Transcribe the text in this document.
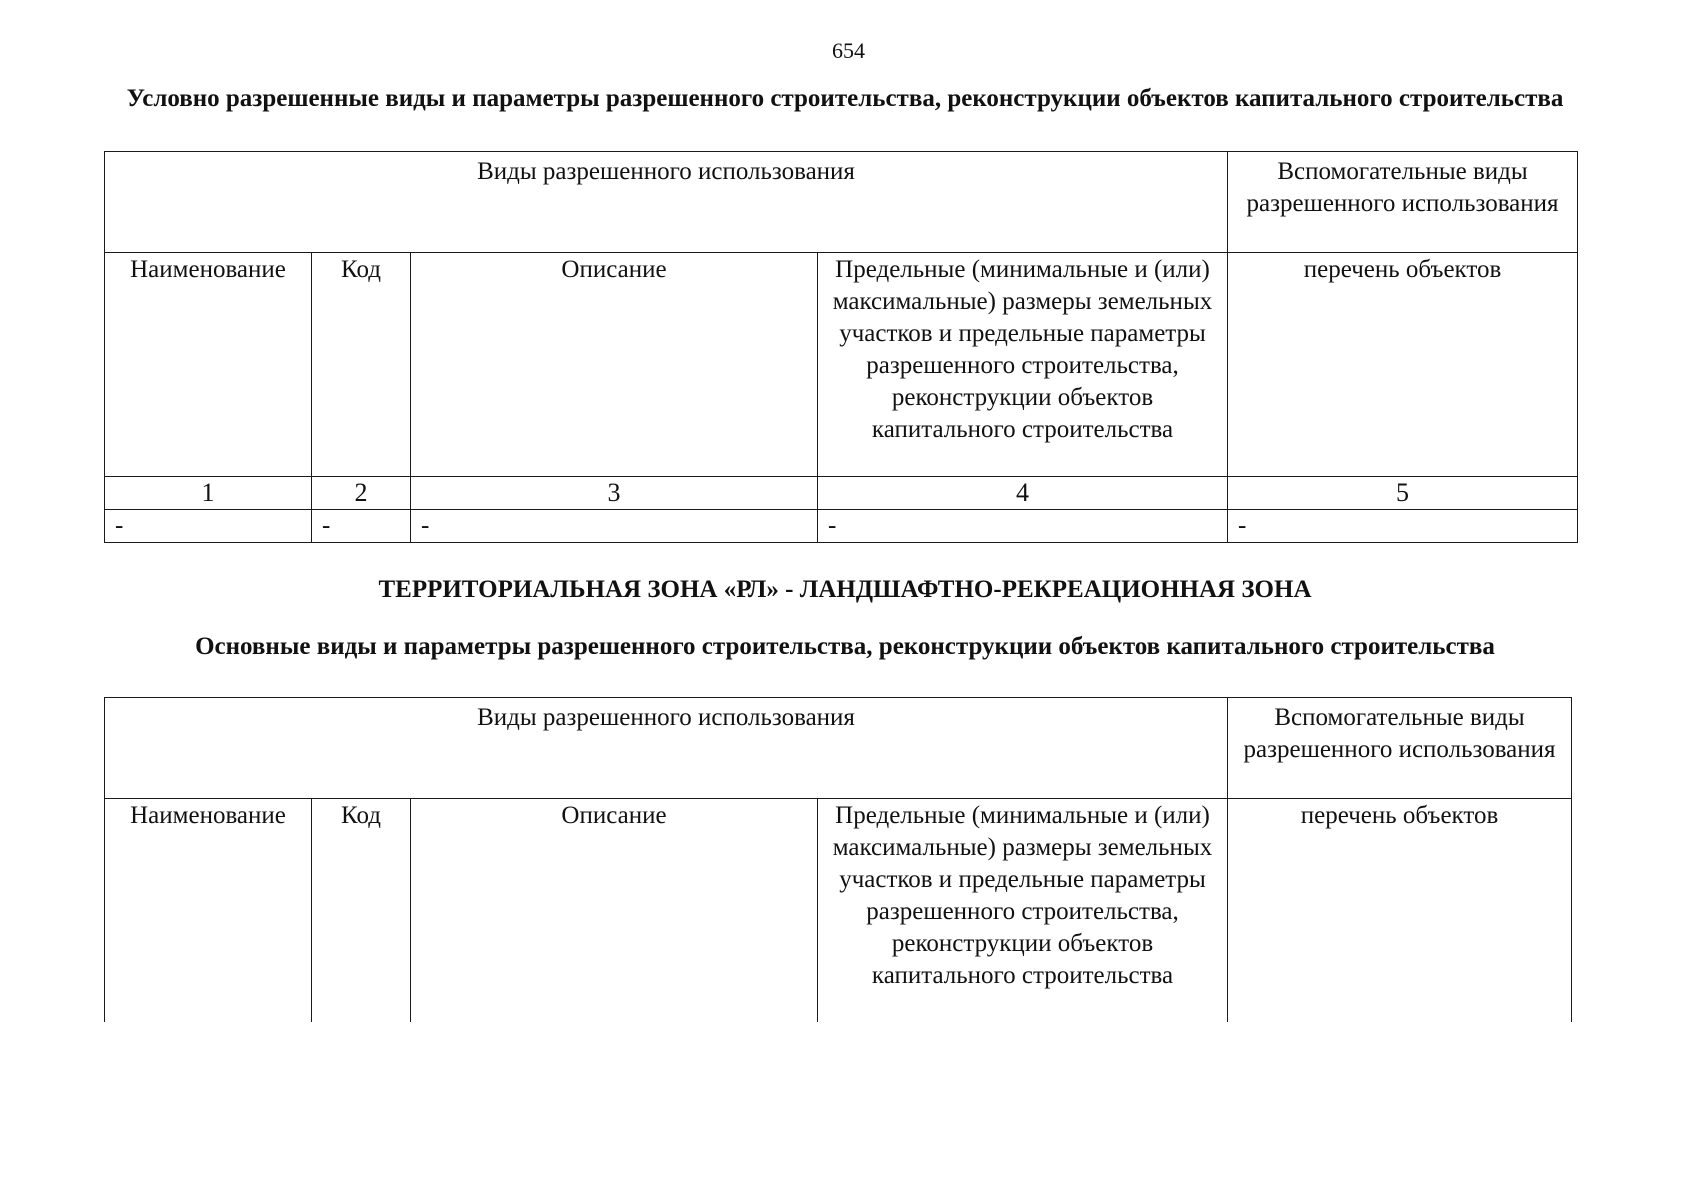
654
Условно разрешенные виды и параметры разрешенного строительства, реконструкции объектов капитального строительства
Виды разрешенного использования				Вспомогательные виды разрешенного использования
Наименование	Код	Описание	Предельные (минимальные и (или) максимальные) размеры земельных участков и предельные параметры разрешенного строительства, реконструкции объектов капитального строительства	перечень объектов
1	2	3	4	5
-	-	-	-	-
ТЕРРИТОРИАЛЬНАЯ ЗОНА «РЛ» - ЛАНДШАФТНО-РЕКРЕАЦИОННАЯ ЗОНА
Основные виды и параметры разрешенного строительства, реконструкции объектов капитального строительства
Виды разрешенного использования				Вспомогательные виды разрешенного использования
Наименование	Код	Описание	Предельные (минимальные и (или) максимальные) размеры земельных участков и предельные параметры разрешенного строительства, реконструкции объектов капитального строительства	перечень объектов
